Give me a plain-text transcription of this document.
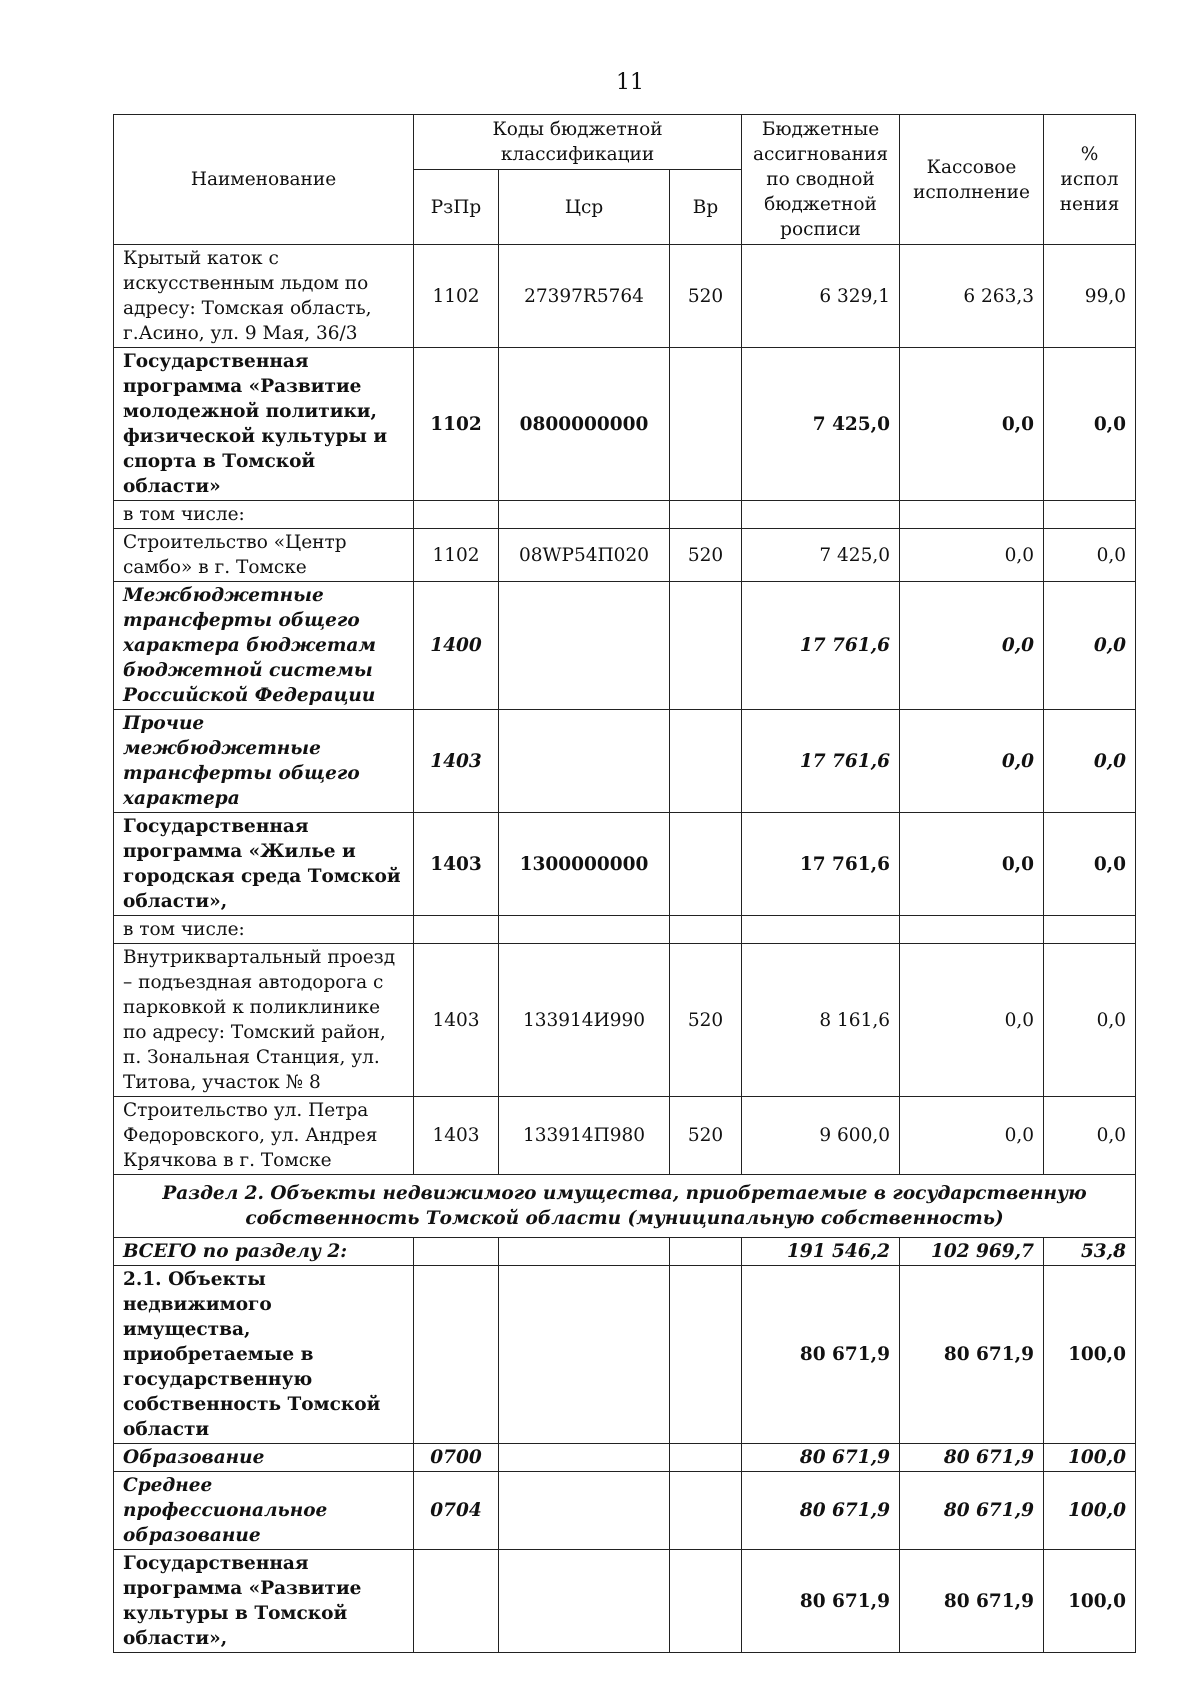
11
Наименование	Коды бюджетной классификации			Бюджетные ассигнования по сводной бюджетной росписи	Кассовое исполнение	% испол нения
	РзПр	Цср	Вр			
Крытый каток с искусственным льдом по адресу: Томская область, г.Асино, ул. 9 Мая, 36/3	1102	27397R5764	520	6 329,1	6 263,3	99,0
Государственная программа «Развитие молодежной политики, физической культуры и спорта в Томской области»	1102	0800000000		7 425,0	0,0	0,0
в том числе:						
Строительство «Центр самбо» в г. Томске	1102	08WP54П020	520	7 425,0	0,0	0,0
Межбюджетные трансферты общего характера бюджетам бюджетной системы Российской Федерации	1400			17 761,6	0,0	0,0
Прочие межбюджетные трансферты общего характера	1403			17 761,6	0,0	0,0
Государственная программа «Жилье и городская среда Томской области»,	1403	1300000000		17 761,6	0,0	0,0
в том числе:						
Внутриквартальный проезд – подъездная автодорога с парковкой к поликлинике по адресу: Томский район, п. Зональная Станция, ул. Титова, участок № 8	1403	133914И990	520	8 161,6	0,0	0,0
Строительство ул. Петра Федоровского, ул. Андрея Крячкова в г. Томске	1403	133914П980	520	9 600,0	0,0	0,0
Раздел 2. Объекты недвижимого имущества, приобретаемые в государственную собственность Томской области (муниципальную собственность)						
ВСЕГО по разделу 2:				191 546,2	102 969,7	53,8
2.1. Объекты недвижимого имущества, приобретаемые в государственную собственность Томской области				80 671,9	80 671,9	100,0
Образование	0700			80 671,9	80 671,9	100,0
Среднее профессиональное образование	0704			80 671,9	80 671,9	100,0
Государственная программа «Развитие культуры в Томской области»,				80 671,9	80 671,9	100,0
